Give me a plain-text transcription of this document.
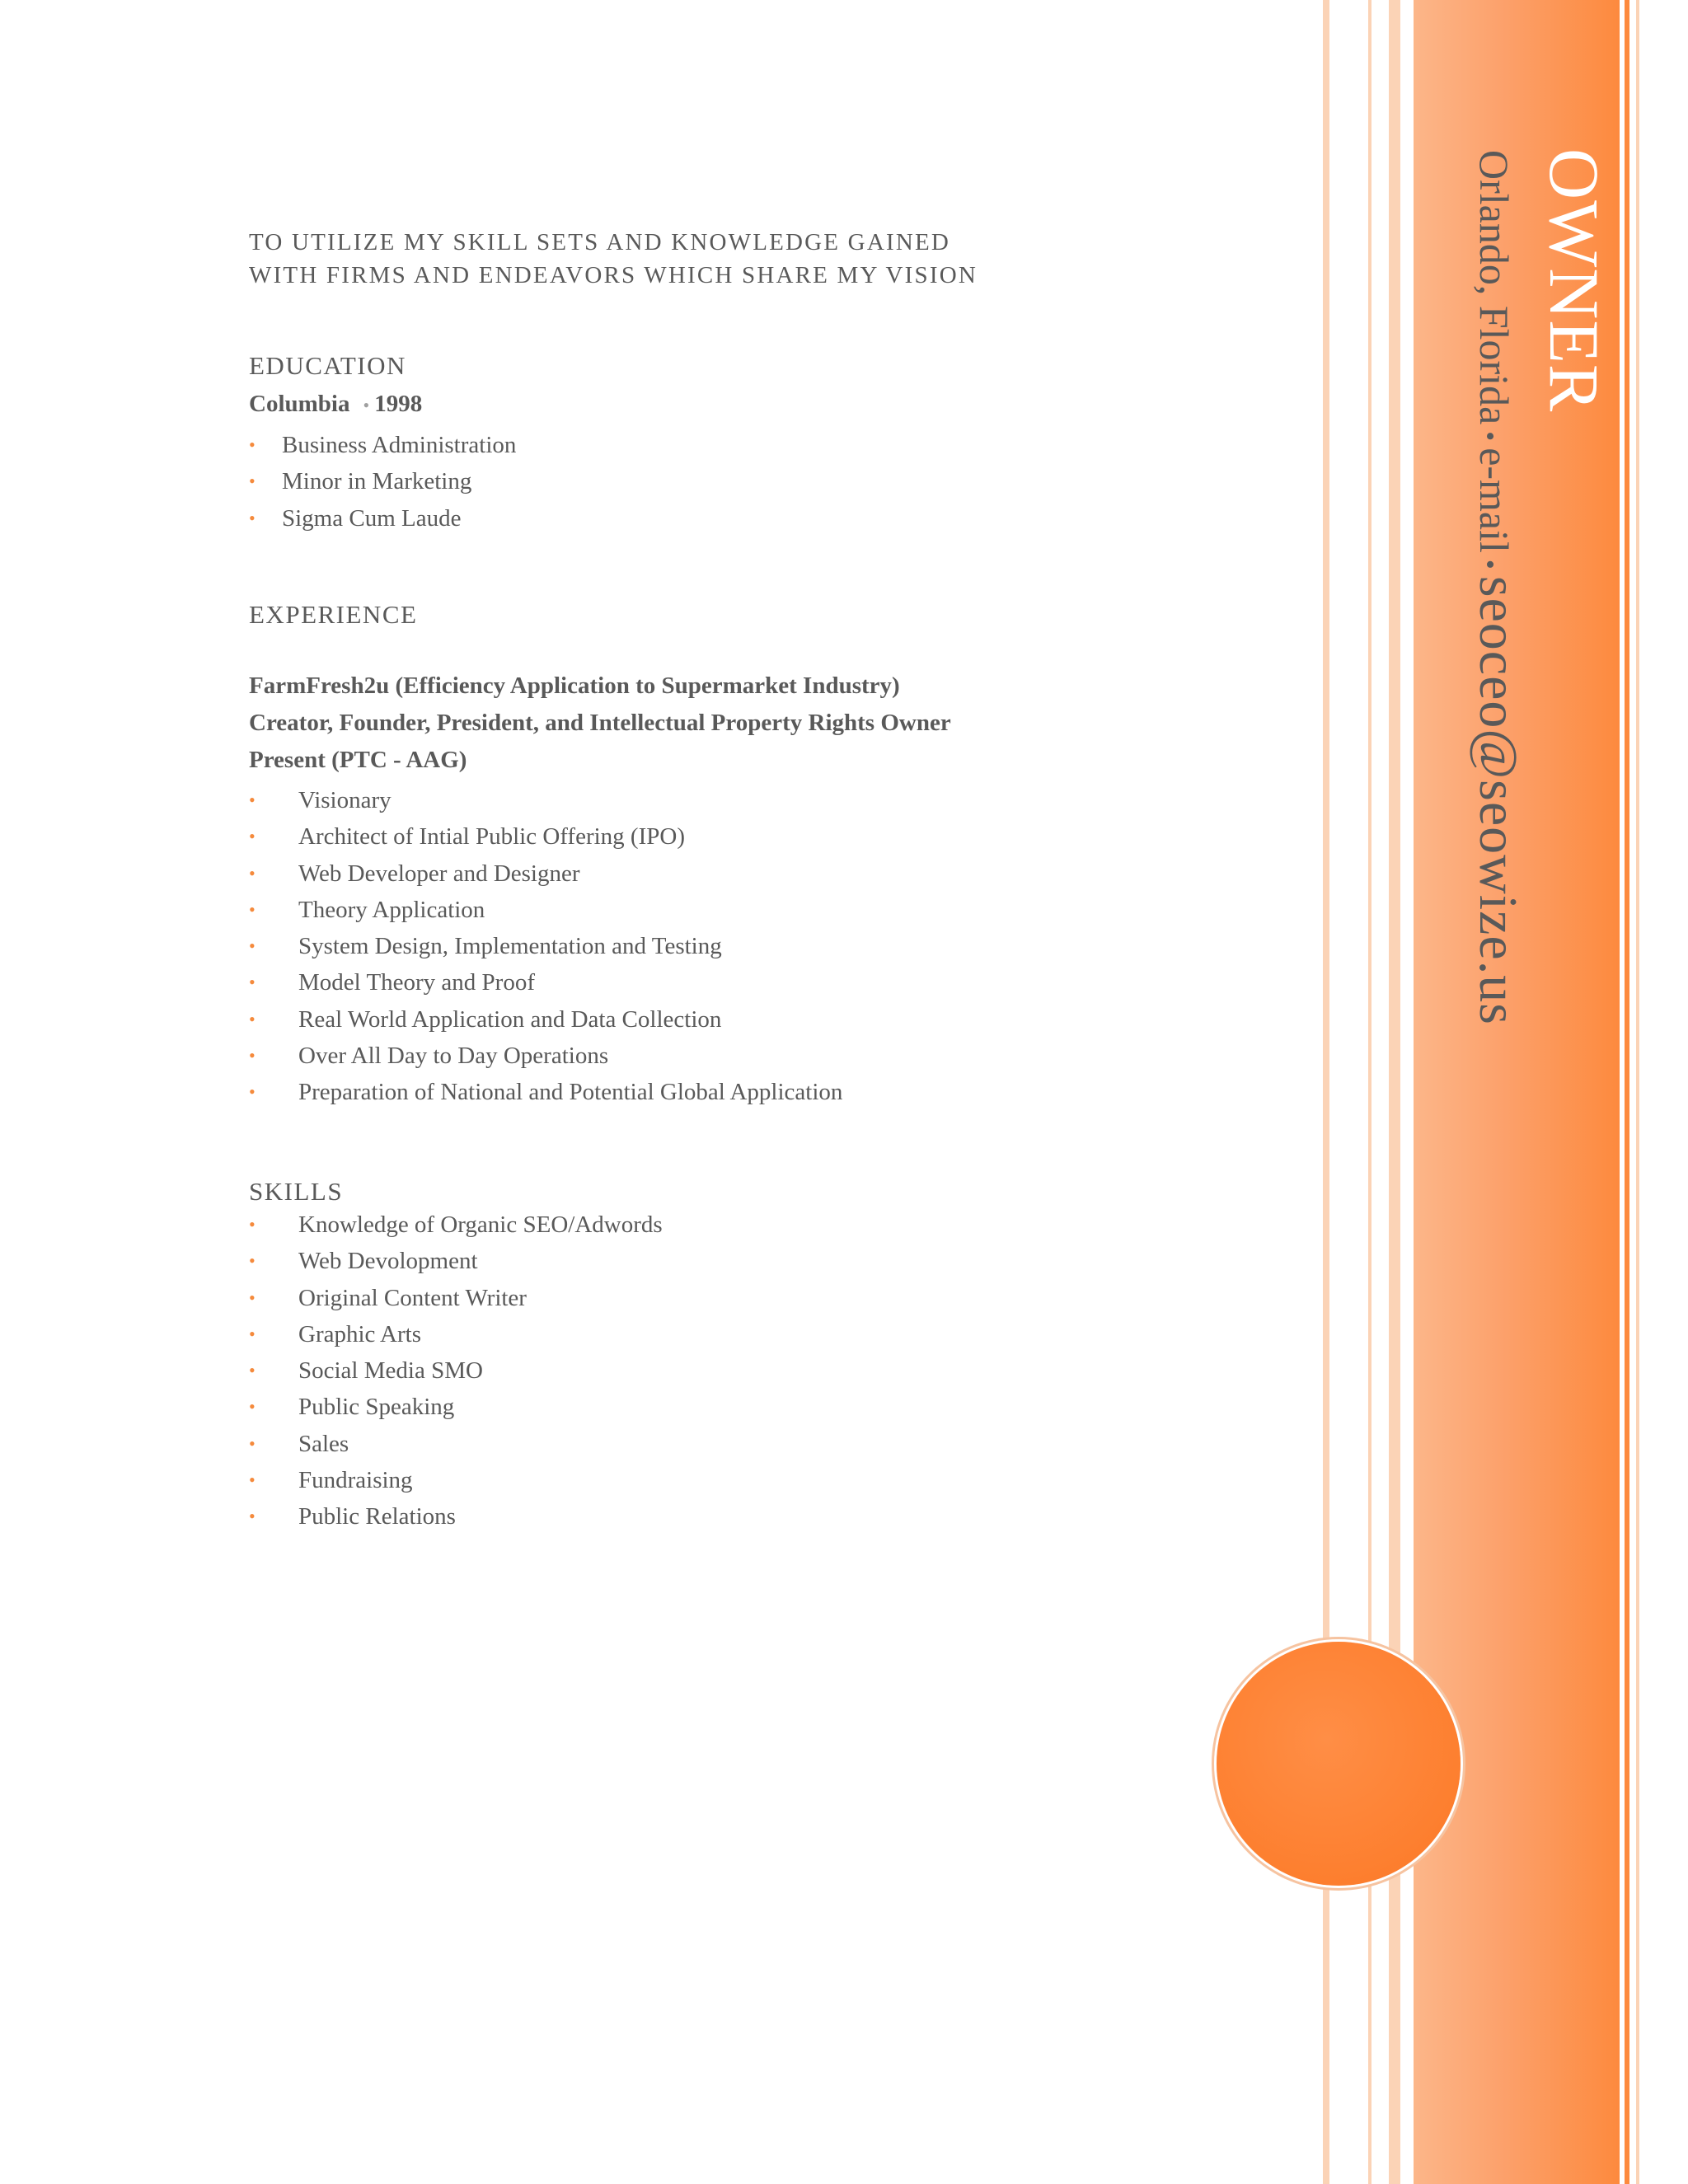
OWNER
Orlando, Florida•e-mail•seoceo@seowize.us
TO UTILIZE MY SKILL SETS AND KNOWLEDGE GAINED
WITH FIRMS AND ENDEAVORS WHICH SHARE MY VISION
EDUCATION
Columbia • 1998
• Business Administration
• Minor in Marketing
• Sigma Cum Laude
EXPERIENCE
FarmFresh2u (Efficiency Application to Supermarket Industry)
Creator, Founder, President, and Intellectual Property Rights Owner
Present (PTC - AAG)
• Visionary
• Architect of Intial Public Offering (IPO)
• Web Developer and Designer
• Theory Application
• System Design, Implementation and Testing
• Model Theory and Proof
• Real World Application and Data Collection
• Over All Day to Day Operations
• Preparation of National and Potential Global Application
SKILLS
• Knowledge of Organic SEO/Adwords
• Web Devolopment
• Original Content Writer
• Graphic Arts
• Social Media SMO
• Public Speaking
• Sales
• Fundraising
• Public Relations
